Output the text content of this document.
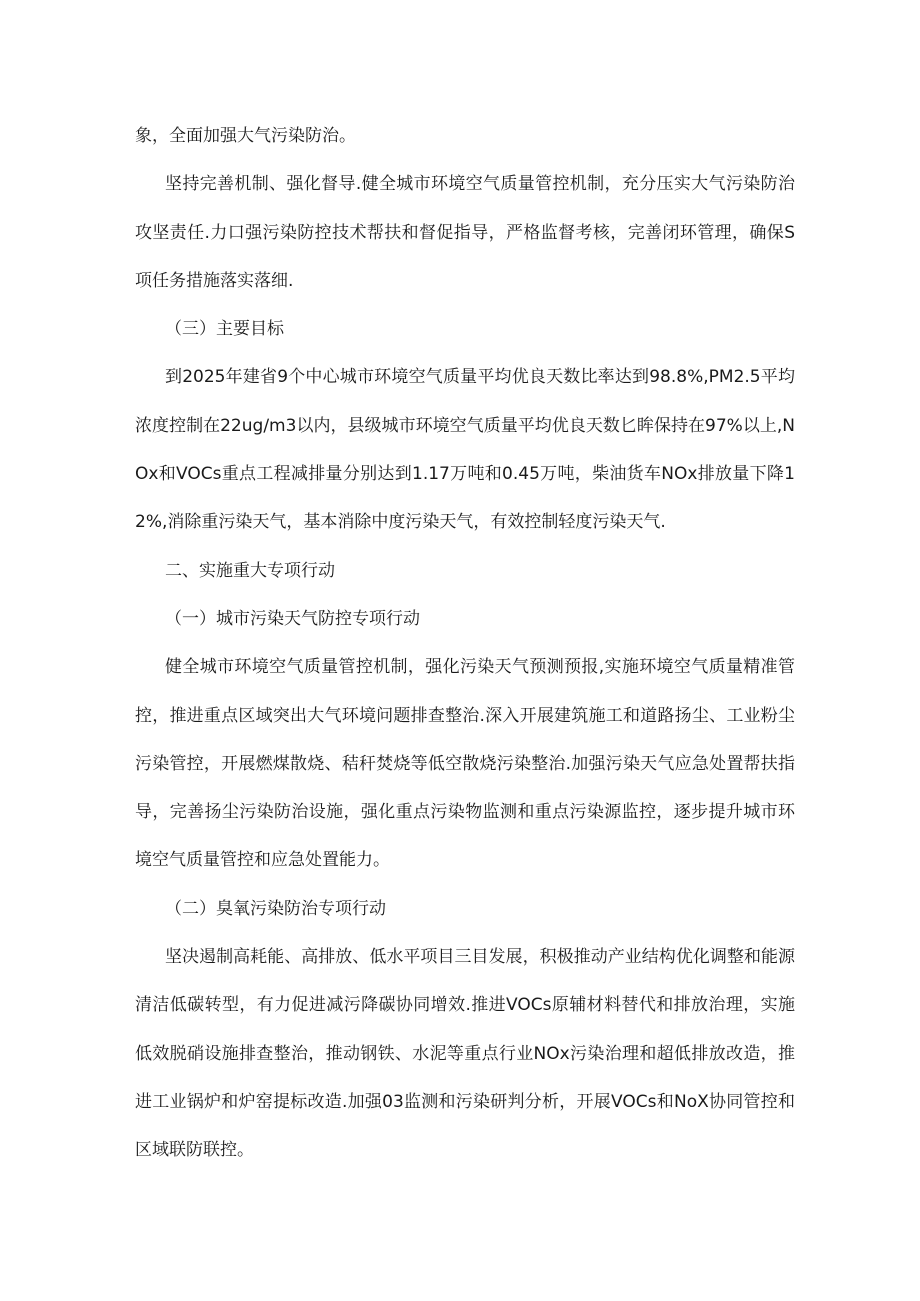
象，全面加强大气污染防治。

坚持完善机制、强化督导.健全城市环境空气质量管控机制，充分压实大气污染防治攻坚责任.力口强污染防控技术帮扶和督促指导，严格监督考核，完善闭环管理，确保S项任务措施落实落细.

（三）主要目标

到2025年建省9个中心城市环境空气质量平均优良天数比率达到98.8%,PM2.5平均浓度控制在22ug∕m3以内，县级城市环境空气质量平均优良天数匕眸保持在97%以上,NOx和VOCs重点工程减排量分别达到1.17万吨和0.45万吨，柴油货车NOx排放量下降12%,消除重污染天气，基本消除中度污染天气，有效控制轻度污染天气.

二、实施重大专项行动

（一）城市污染天气防控专项行动

健全城市环境空气质量管控机制，强化污染天气预测预报,实施环境空气质量精准管控，推进重点区域突出大气环境问题排查整治.深入开展建筑施工和道路扬尘、工业粉尘污染管控，开展燃煤散烧、秸秆焚烧等低空散烧污染整治.加强污染天气应急处置帮扶指导，完善扬尘污染防治设施，强化重点污染物监测和重点污染源监控，逐步提升城市环境空气质量管控和应急处置能力。

（二）臭氧污染防治专项行动

坚决遏制高耗能、高排放、低水平项目三目发展，积极推动产业结构优化调整和能源清洁低碳转型，有力促进减污降碳协同增效.推进VOCs原辅材料替代和排放治理，实施低效脱硝设施排查整治，推动钢铁、水泥等重点行业NOx污染治理和超低排放改造，推进工业锅炉和炉窑提标改造.加强03监测和污染研判分析，开展VOCs和NoX协同管控和区域联防联控。
